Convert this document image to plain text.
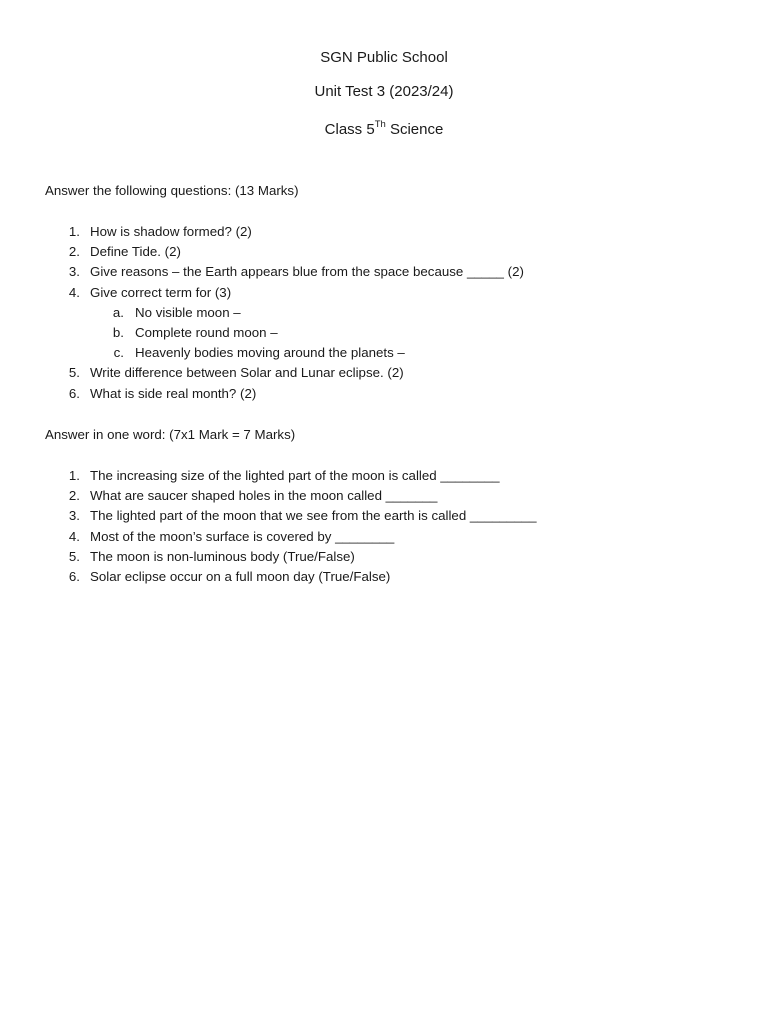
SGN Public School
Unit Test 3 (2023/24)
Class 5Th Science
Answer the following questions: (13 Marks)
1. How is shadow formed? (2)
2. Define Tide. (2)
3. Give reasons – the Earth appears blue from the space because _____ (2)
4. Give correct term for (3)
a. No visible moon –
b. Complete round moon –
c. Heavenly bodies moving around the planets –
5. Write difference between Solar and Lunar eclipse. (2)
6. What is side real month? (2)
Answer in one word: (7x1 Mark = 7 Marks)
1. The increasing size of the lighted part of the moon is called ________
2. What are saucer shaped holes in the moon called _______
3. The lighted part of the moon that we see from the earth is called _________
4. Most of the moon’s surface is covered by ________
5. The moon is non-luminous body (True/False)
6. Solar eclipse occur on a full moon day (True/False)
